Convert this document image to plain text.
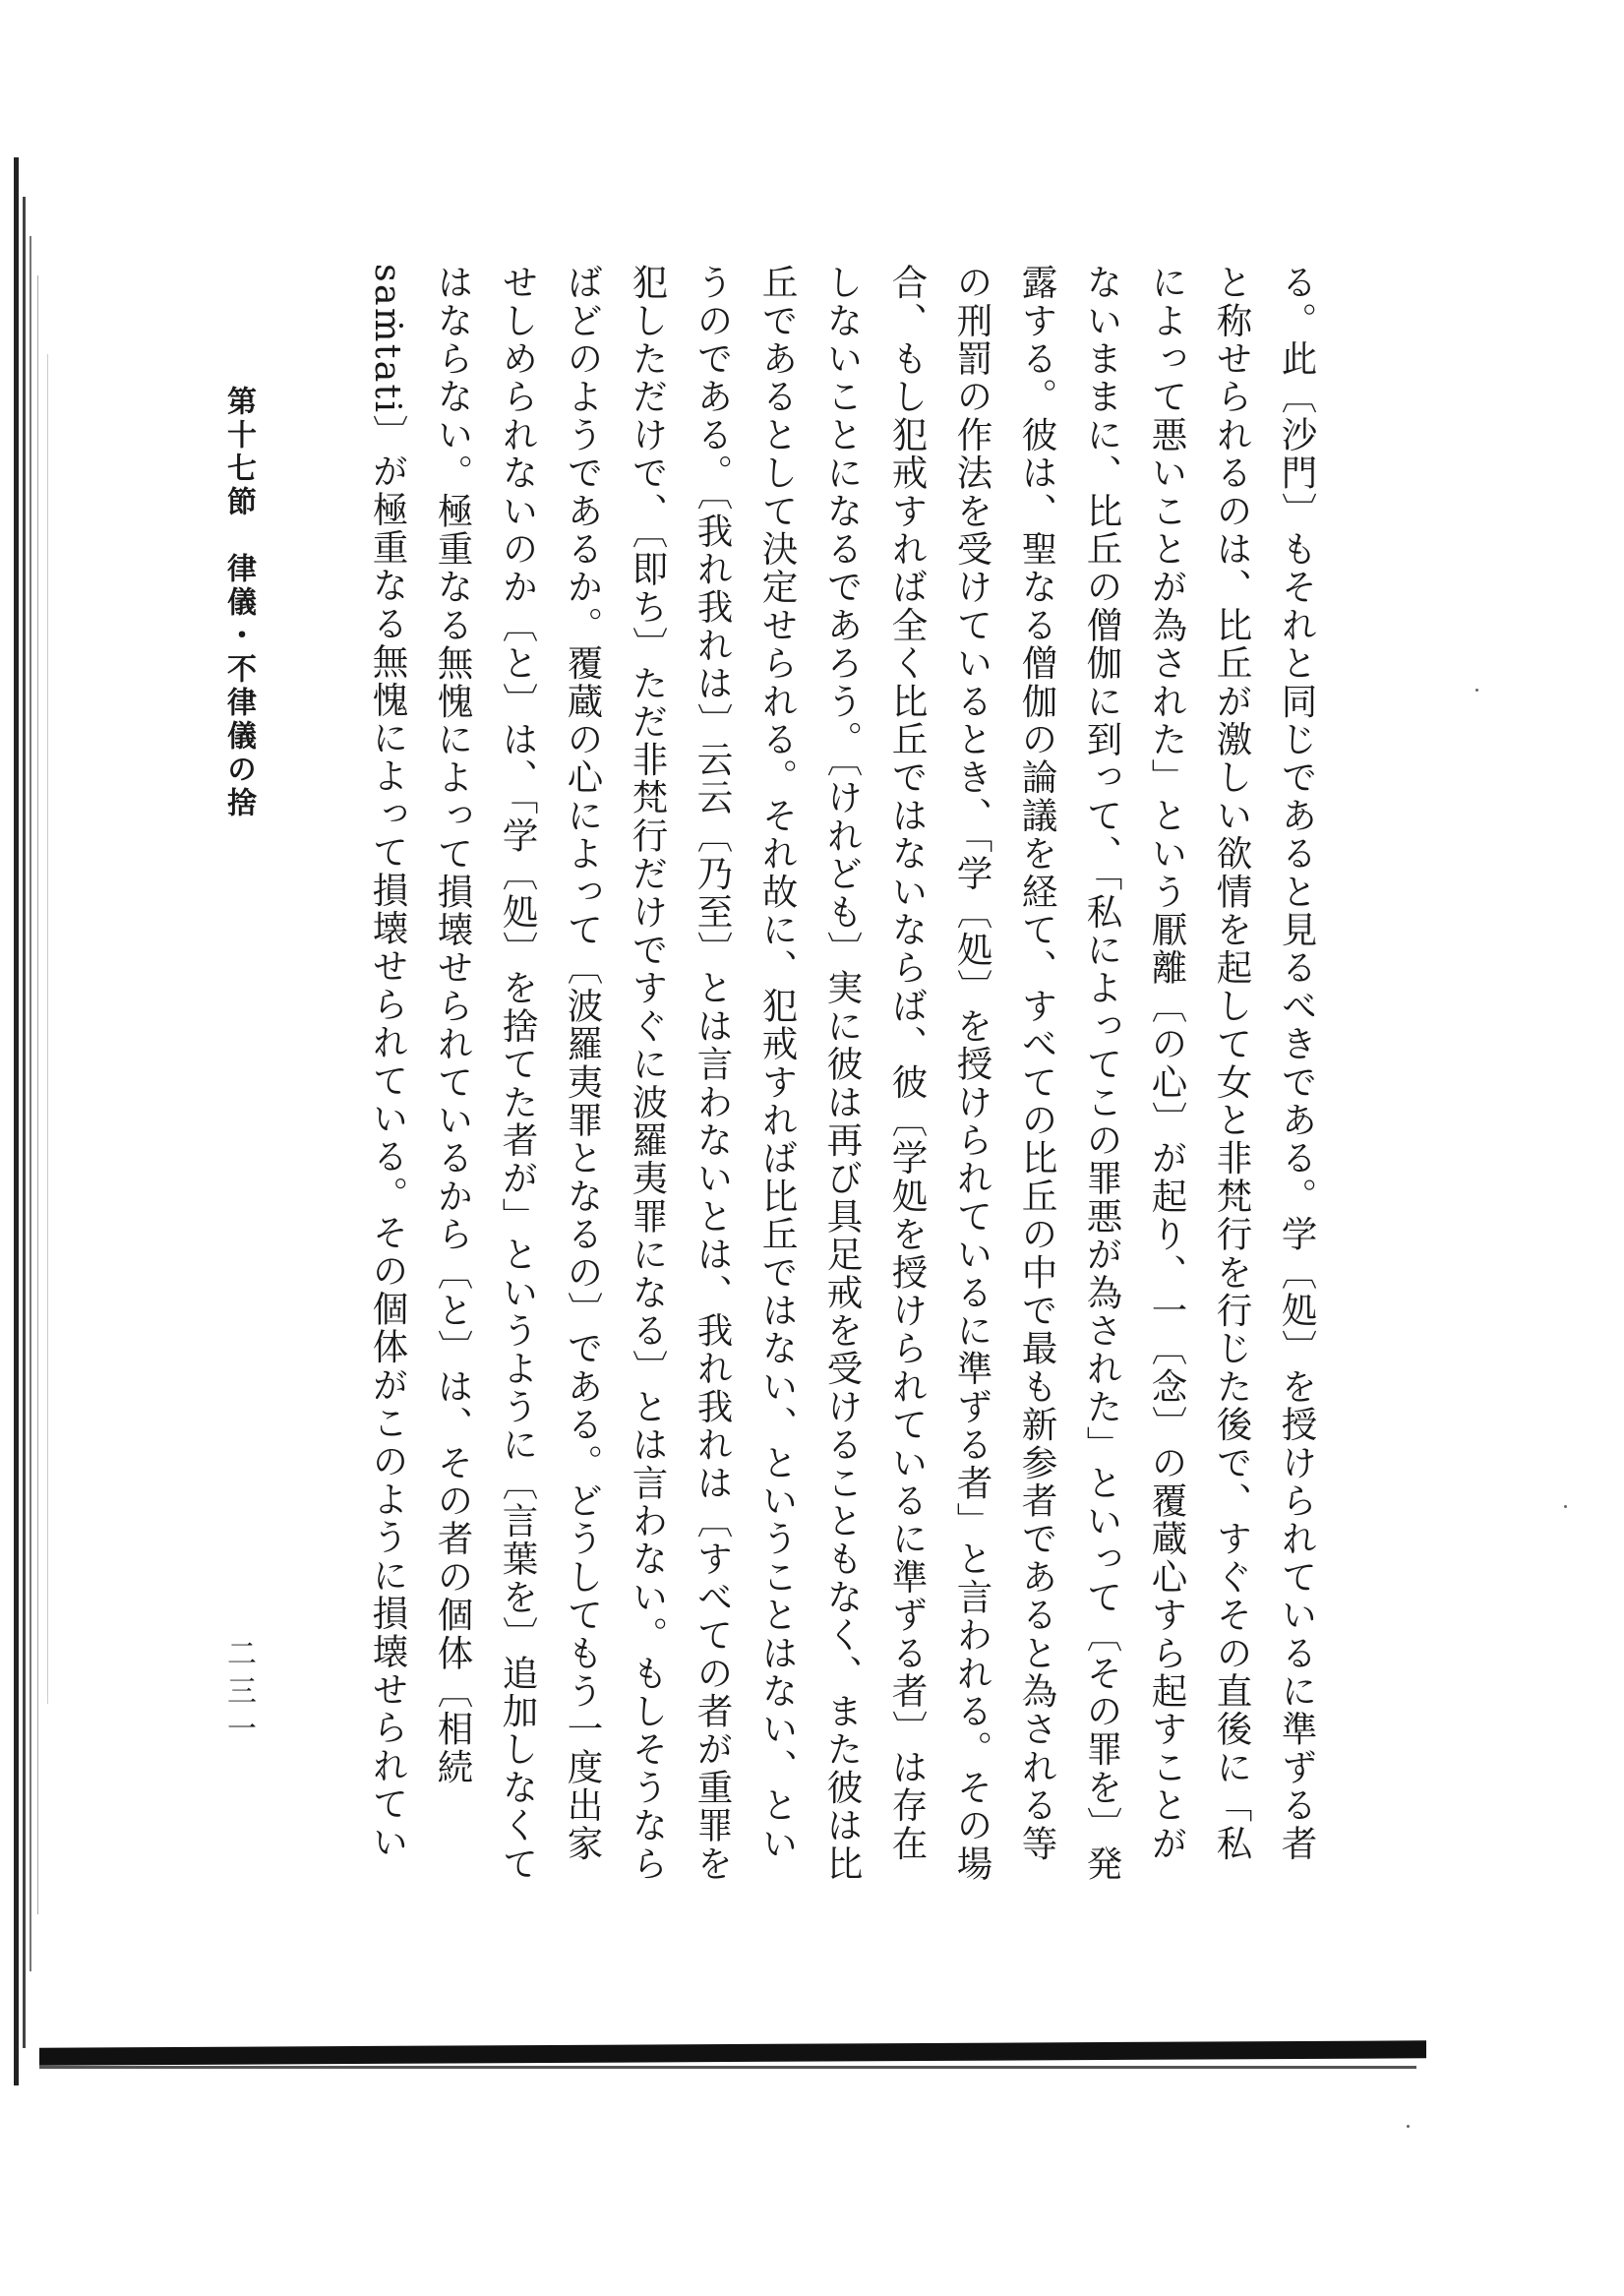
る。此〔沙門〕もそれと同じであると見るべきである。学〔処〕を授けられているに準ずる者と称せられるのは、比丘が激しい欲情を起して女と非梵行を行じた後で、すぐその直後に「私によって悪いことが為された」という厭離〔の心〕が起り、一〔念〕の覆蔵心すら起すことがないままに、比丘の僧伽に到って、「私によってこの罪悪が為された」といって〔その罪を〕発露する。彼は、聖なる僧伽の論議を経て、すべての比丘の中で最も新参者であると為される等の刑罰の作法を受けているとき、「学〔処〕を授けられているに準ずる者」と言われる。その場合、もし犯戒すれば全く比丘ではないならば、彼〔学処を授けられているに準ずる者〕は存在しないことになるであろう。〔けれども〕実に彼は再び具足戒を受けることもなく、また彼は比丘であるとして決定せられる。それ故に、犯戒すれば比丘ではない、ということはない、というのである。〔我れ我れは〕云云〔乃至〕とは言わないとは、我れ我れは〔すべての者が重罪を犯しただけで、〔即ち〕ただ非梵行だけですぐに波羅夷罪になる〕とは言わない。もしそうならばどのようであるか。覆蔵の心によって〔波羅夷罪となるの〕である。どうしてもう一度出家せしめられないのか〔と〕は、「学〔処〕を捨てた者が」というように〔言葉を〕追加しなくてはならない。極重なる無愧によって損壊せられているから〔と〕は、その者の個体〔相続 saṁtati〕が極重なる無愧によって損壊せられている。その個体がこのように損壊せられてい

第十七節　律儀・不律儀の捨
二三一
